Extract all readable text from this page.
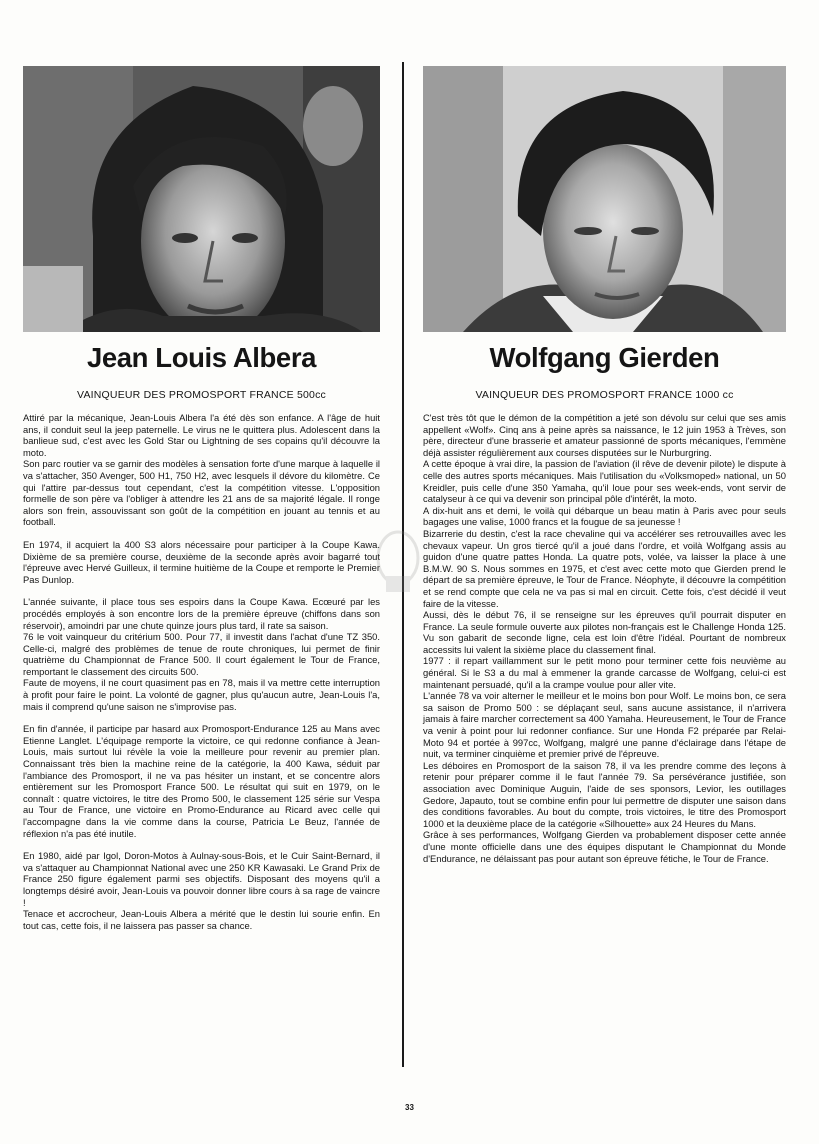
Jean Louis Albera
VAINQUEUR DES PROMOSPORT FRANCE 500cc

Attiré par la mécanique, Jean-Louis Albera l'a été dès son enfance. A l'âge de huit ans, il conduit seul la jeep paternelle. Le virus ne le quittera plus. Adolescent dans la banlieue sud, c'est avec les Gold Star ou Lightning de ses copains qu'il découvre la moto.

Son parc routier va se garnir des modèles à sensation forte d'une marque à laquelle il va s'attacher, 350 Avenger, 500 H1, 750 H2, avec lesquels il dévore du kilomètre. Ce qui l'attire par-dessus tout cependant, c'est la compétition vitesse. L'opposition formelle de son père va l'obliger à attendre les 21 ans de sa majorité légale. Il ronge alors son frein, assouvissant son goût de la compétition en jouant au tennis et au football.

En 1974, il acquiert la 400 S3 alors nécessaire pour participer à la Coupe Kawa. Dixième de sa première course, deuxième de la seconde après avoir bagarré tout l'épreuve avec Hervé Guilleux, il termine huitième de la Coupe et remporte le Premier Pas Dunlop.

L'année suivante, il place tous ses espoirs dans la Coupe Kawa. Ecœuré par les procédés employés à son encontre lors de la première épreuve (chiffons dans son réservoir), amoindri par une chute quinze jours plus tard, il rate sa saison.

76 le voit vainqueur du critérium 500. Pour 77, il investit dans l'achat d'une TZ 350. Celle-ci, malgré des problèmes de tenue de route chroniques, lui permet de finir quatrième du Championnat de France 500. Il court également le Tour de France, remportant le classement des circuits 500.

Faute de moyens, il ne court quasiment pas en 78, mais il va mettre cette interruption à profit pour faire le point. La volonté de gagner, plus qu'aucun autre, Jean-Louis l'a, mais il comprend qu'une saison ne s'improvise pas.

En fin d'année, il participe par hasard aux Promosport-Endurance 125 au Mans avec Etienne Langlet. L'équipage remporte la victoire, ce qui redonne confiance à Jean-Louis, mais surtout lui révèle la voie la meilleure pour revenir au premier plan. Connaissant très bien la machine reine de la catégorie, la 400 Kawa, séduit par l'ambiance des Promosport, il ne va pas hésiter un instant, et se concentre alors entièrement sur les Promosport France 500. Le résultat qui suit en 1979, on le connaît : quatre victoires, le titre des Promo 500, le classement 125 série sur Vespa au Tour de France, une victoire en Promo-Endurance au Ricard avec celle qui l'accompagne dans la vie comme dans la course, Patricia Le Beuz, l'année de réflexion n'a pas été inutile.

En 1980, aidé par Igol, Doron-Motos à Aulnay-sous-Bois, et le Cuir Saint-Bernard, il va s'attaquer au Championnat National avec une 250 KR Kawasaki. Le Grand Prix de France 250 figure également parmi ses objectifs. Disposant des moyens qu'il a longtemps désiré avoir, Jean-Louis va pouvoir donner libre cours à sa rage de vaincre !

Tenace et accrocheur, Jean-Louis Albera a mérité que le destin lui sourie enfin. En tout cas, cette fois, il ne laissera pas passer sa chance.

Wolfgang Gierden
VAINQUEUR DES PROMOSPORT FRANCE 1000 cc

C'est très tôt que le démon de la compétition a jeté son dévolu sur celui que ses amis appellent «Wolf». Cinq ans à peine après sa naissance, le 12 juin 1953 à Trèves, son père, directeur d'une brasserie et amateur passionné de sports mécaniques, l'emmène déjà assister régulièrement aux courses disputées sur le Nurburgring.

A cette époque à vrai dire, la passion de l'aviation (il rêve de devenir pilote) le dispute à celle des autres sports mécaniques. Mais l'utilisation du «Volksmoped» national, un 50 Kreidler, puis celle d'une 350 Yamaha, qu'il loue pour ses week-ends, vont servir de catalyseur à ce qui va devenir son principal pôle d'intérêt, la moto.

A dix-huit ans et demi, le voilà qui débarque un beau matin à Paris avec pour seuls bagages une valise, 1000 francs et la fougue de sa jeunesse !

Bizarrerie du destin, c'est la race chevaline qui va accélérer ses retrouvailles avec les chevaux vapeur. Un gros tiercé qu'il a joué dans l'ordre, et voilà Wolfgang assis au guidon d'une quatre pattes Honda. La quatre pots, volée, va laisser la place à une B.M.W. 90 S. Nous sommes en 1975, et c'est avec cette moto que Gierden prend le départ de sa première épreuve, le Tour de France. Néophyte, il découvre la compétition et se rend compte que cela ne va pas si mal en circuit. Cette fois, c'est décidé il veut faire de la vitesse.

Aussi, dès le début 76, il se renseigne sur les épreuves qu'il pourrait disputer en France. La seule formule ouverte aux pilotes non-français est le Challenge Honda 125. Vu son gabarit de seconde ligne, cela est loin d'être l'idéal. Pourtant de nombreux accessits lui valent la sixième place du classement final.

1977 : il repart vaillamment sur le petit mono pour terminer cette fois neuvième au général. Si le S3 a du mal à emmener la grande carcasse de Wolfgang, celui-ci est maintenant persuadé, qu'il a la crampe voulue pour aller vite.

L'année 78 va voir alterner le meilleur et le moins bon pour Wolf. Le moins bon, ce sera sa saison de Promo 500 : se déplaçant seul, sans aucune assistance, il n'arrivera jamais à faire marcher correctement sa 400 Yamaha. Heureusement, le Tour de France va venir à point pour lui redonner confiance. Sur une Honda F2 préparée par Relai-Moto 94 et portée à 997cc, Wolfgang, malgré une panne d'éclairage dans l'étape de nuit, va terminer cinquième et premier privé de l'épreuve.

Les déboires en Promosport de la saison 78, il va les prendre comme des leçons à retenir pour préparer comme il le faut l'année 79. Sa persévérance justifiée, son association avec Dominique Auguin, l'aide de ses sponsors, Levior, les outillages Gedore, Japauto, tout se combine enfin pour lui permettre de disputer une saison dans des conditions favorables. Au bout du compte, trois victoires, le titre des Promosport 1000 et la deuxième place de la catégorie «Silhouette» aux 24 Heures du Mans.

Grâce à ses performances, Wolfgang Gierden va probablement disposer cette année d'une monte officielle dans une des équipes disputant le Championnat du Monde d'Endurance, ne délaissant pas pour autant son épreuve fétiche, le Tour de France.

33
